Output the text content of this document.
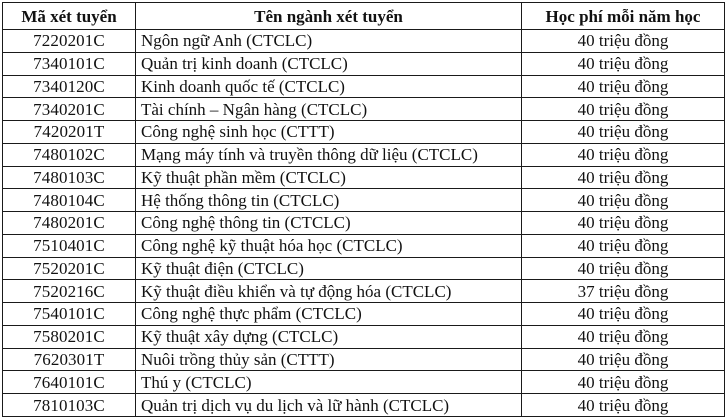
Mã xét tuyển	Tên ngành xét tuyển	Học phí mỗi năm học
7220201C	Ngôn ngữ Anh (CTCLC)	40 triệu đồng
7340101C	Quản trị kinh doanh (CTCLC)	40 triệu đồng
7340120C	Kinh doanh quốc tế (CTCLC)	40 triệu đồng
7340201C	Tài chính – Ngân hàng (CTCLC)	40 triệu đồng
7420201T	Công nghệ sinh học (CTTT)	40 triệu đồng
7480102C	Mạng máy tính và truyền thông dữ liệu (CTCLC)	40 triệu đồng
7480103C	Kỹ thuật phần mềm (CTCLC)	40 triệu đồng
7480104C	Hệ thống thông tin (CTCLC)	40 triệu đồng
7480201C	Công nghệ thông tin (CTCLC)	40 triệu đồng
7510401C	Công nghệ kỹ thuật hóa học (CTCLC)	40 triệu đồng
7520201C	Kỹ thuật điện (CTCLC)	40 triệu đồng
7520216C	Kỹ thuật điều khiển và tự động hóa (CTCLC)	37 triệu đồng
7540101C	Công nghệ thực phẩm (CTCLC)	40 triệu đồng
7580201C	Kỹ thuật xây dựng (CTCLC)	40 triệu đồng
7620301T	Nuôi trồng thủy sản (CTTT)	40 triệu đồng
7640101C	Thú y (CTCLC)	40 triệu đồng
7810103C	Quản trị dịch vụ du lịch và lữ hành (CTCLC)	40 triệu đồng
